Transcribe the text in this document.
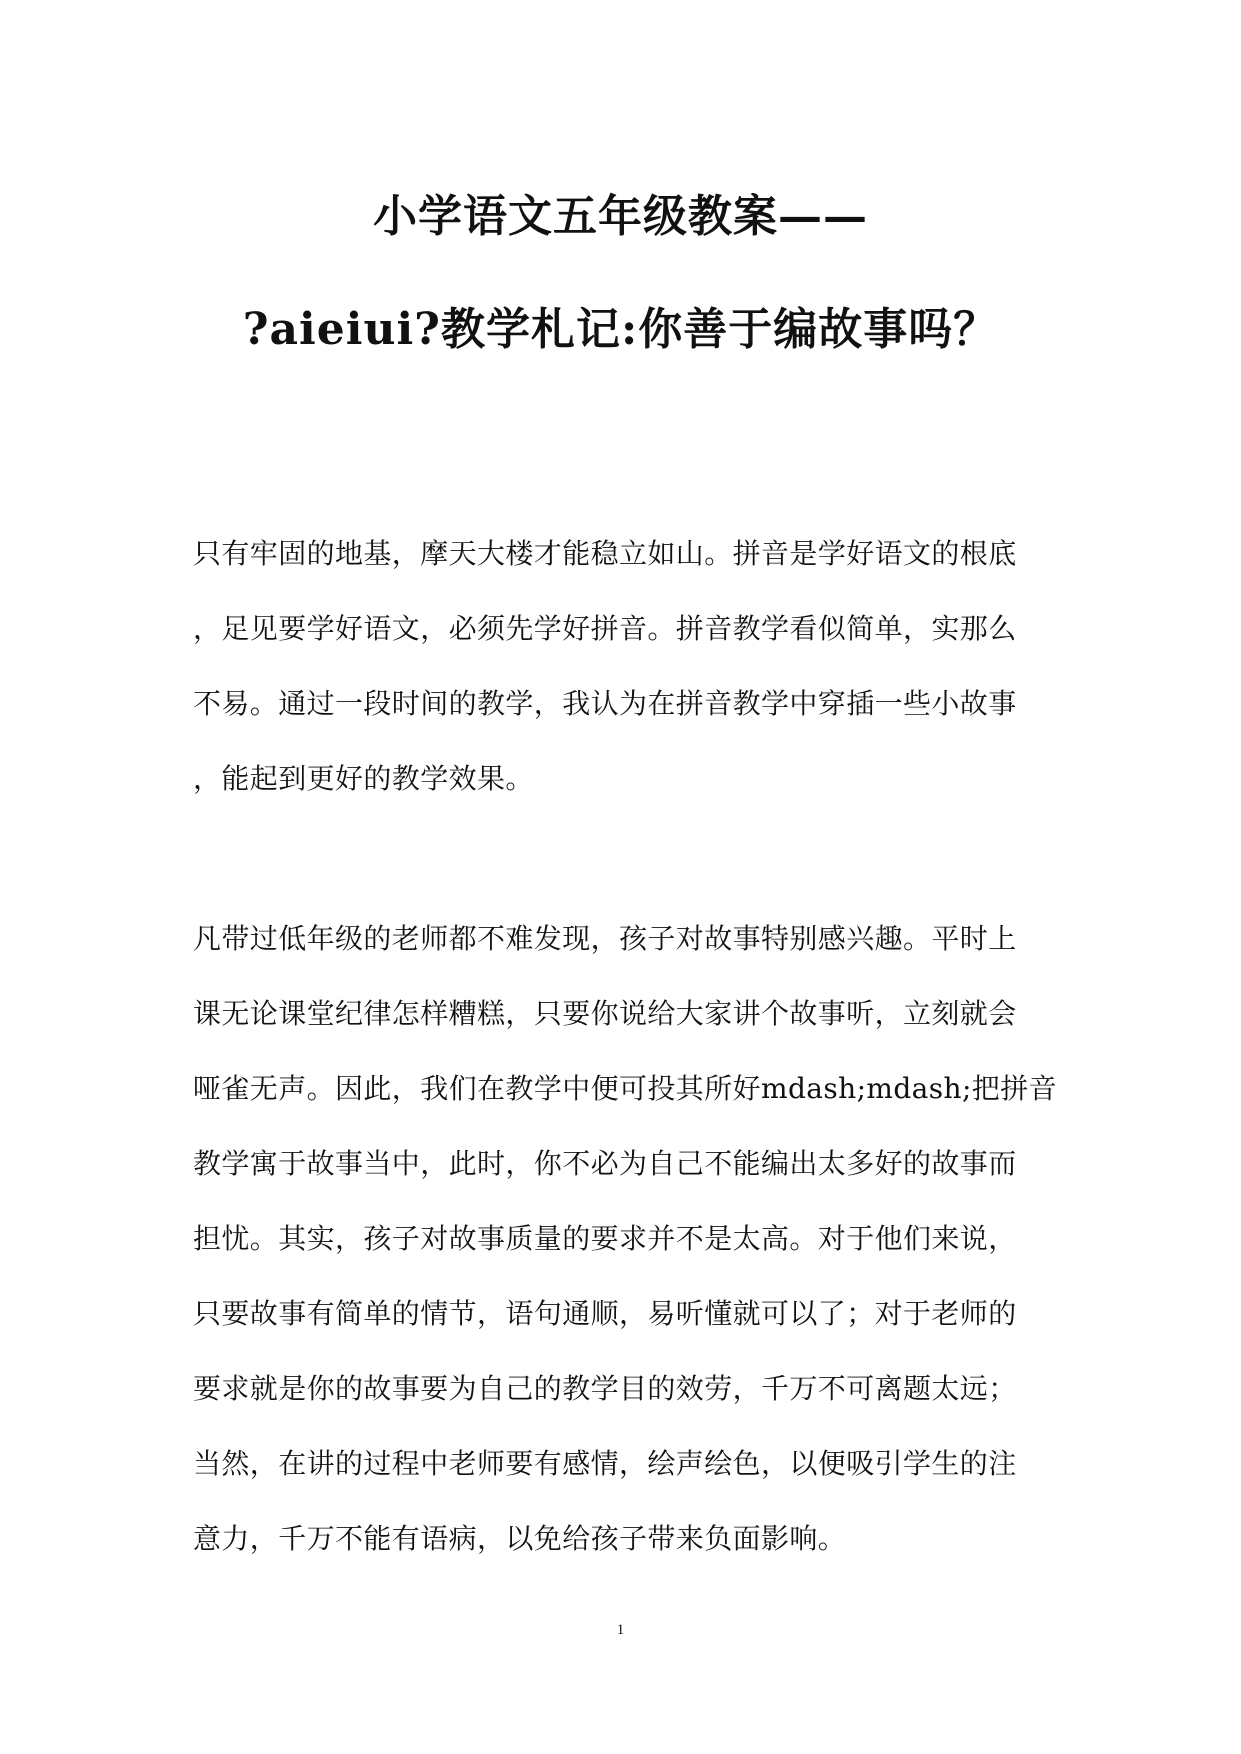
小学语文五年级教案——
?aieiui?教学札记:你善于编故事吗？
只有牢固的地基，摩天大楼才能稳立如山。拼音是学好语文的根底
，足见要学好语文，必须先学好拼音。拼音教学看似简单，实那么
不易。通过一段时间的教学，我认为在拼音教学中穿插一些小故事
，能起到更好的教学效果。
凡带过低年级的老师都不难发现，孩子对故事特别感兴趣。平时上
课无论课堂纪律怎样糟糕，只要你说给大家讲个故事听，立刻就会
哑雀无声。因此，我们在教学中便可投其所好mdash;mdash;把拼音
教学寓于故事当中，此时，你不必为自己不能编出太多好的故事而
担忧。其实，孩子对故事质量的要求并不是太高。对于他们来说，
只要故事有简单的情节，语句通顺，易听懂就可以了；对于老师的
要求就是你的故事要为自己的教学目的效劳，千万不可离题太远；
当然，在讲的过程中老师要有感情，绘声绘色，以便吸引学生的注
意力，千万不能有语病，以免给孩子带来负面影响。
1
